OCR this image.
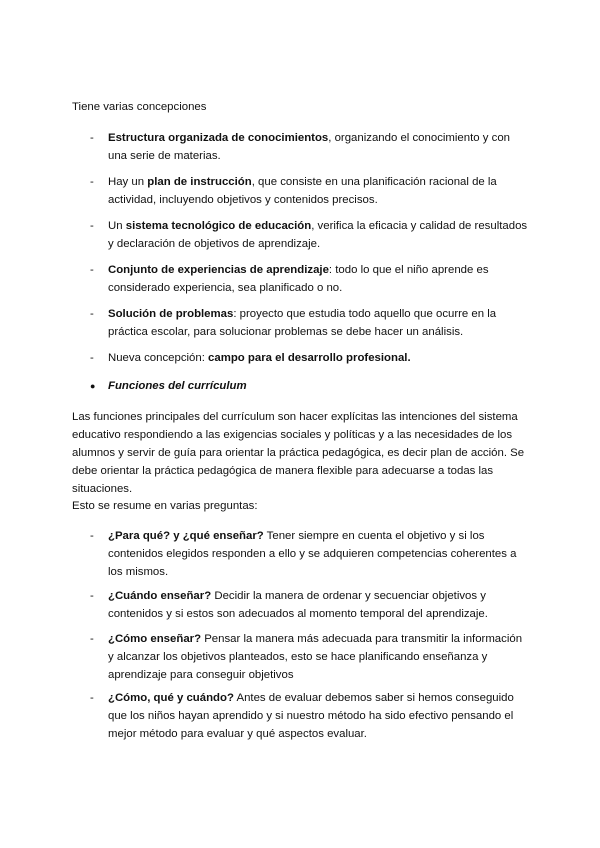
Tiene varias concepciones

-	Estructura organizada de conocimientos, organizando el conocimiento y con una serie de materias.
-	Hay un plan de instrucción, que consiste en una planificación racional de la actividad, incluyendo objetivos y contenidos precisos.
-	Un sistema tecnológico de educación, verifica la eficacia y calidad de resultados y declaración de objetivos de aprendizaje.
-	Conjunto de experiencias de aprendizaje: todo lo que el niño aprende es considerado experiencia, sea planificado o no.
-	Solución de problemas: proyecto que estudia todo aquello que ocurre en la práctica escolar, para solucionar problemas se debe hacer un análisis.
-	Nueva concepción: campo para el desarrollo profesional.
●	Funciones del currículum

Las funciones principales del currículum son hacer explícitas las intenciones del sistema educativo respondiendo a las exigencias sociales y políticas y a las necesidades de los alumnos y servir de guía para orientar la práctica pedagógica, es decir plan de acción. Se debe orientar la práctica pedagógica de manera flexible para adecuarse a todas las situaciones.

Esto se resume en varias preguntas:

-	¿Para qué? y ¿qué enseñar? Tener siempre en cuenta el objetivo y si los contenidos elegidos responden a ello y se adquieren competencias coherentes a los mismos.
-	¿Cuándo enseñar? Decidir la manera de ordenar y secuenciar objetivos y contenidos y si estos son adecuados al momento temporal del aprendizaje.
-	¿Cómo enseñar? Pensar la manera más adecuada para transmitir la información y alcanzar los objetivos planteados, esto se hace planificando enseñanza y aprendizaje para conseguir objetivos
-	¿Cómo, qué y cuándo? Antes de evaluar debemos saber si hemos conseguido que los niños hayan aprendido y si nuestro método ha sido efectivo pensando el mejor método para evaluar y qué aspectos evaluar.
